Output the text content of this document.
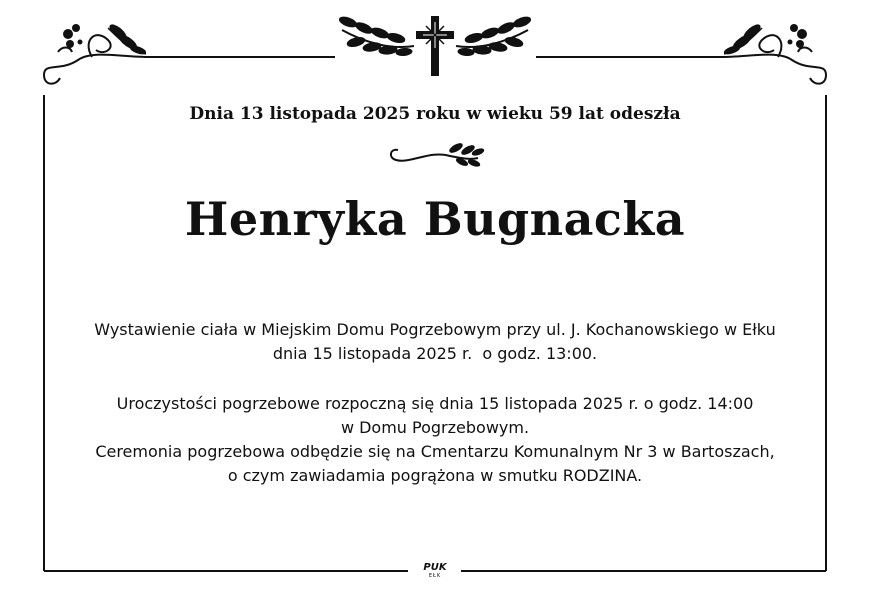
Dnia 13 listopada 2025 roku w wieku 59 lat odeszła
Henryka Bugnacka
Wystawienie ciała w Miejskim Domu Pogrzebowym przy ul. J. Kochanowskiego w Ełku
dnia 15 listopada 2025 r.  o godz. 13:00.
Uroczystości pogrzebowe rozpoczną się dnia 15 listopada 2025 r. o godz. 14:00
w Domu Pogrzebowym.
Ceremonia pogrzebowa odbędzie się na Cmentarzu Komunalnym Nr 3 w Bartoszach,
o czym zawiadamia pogrążona w smutku RODZINA.
PUK
EŁK
